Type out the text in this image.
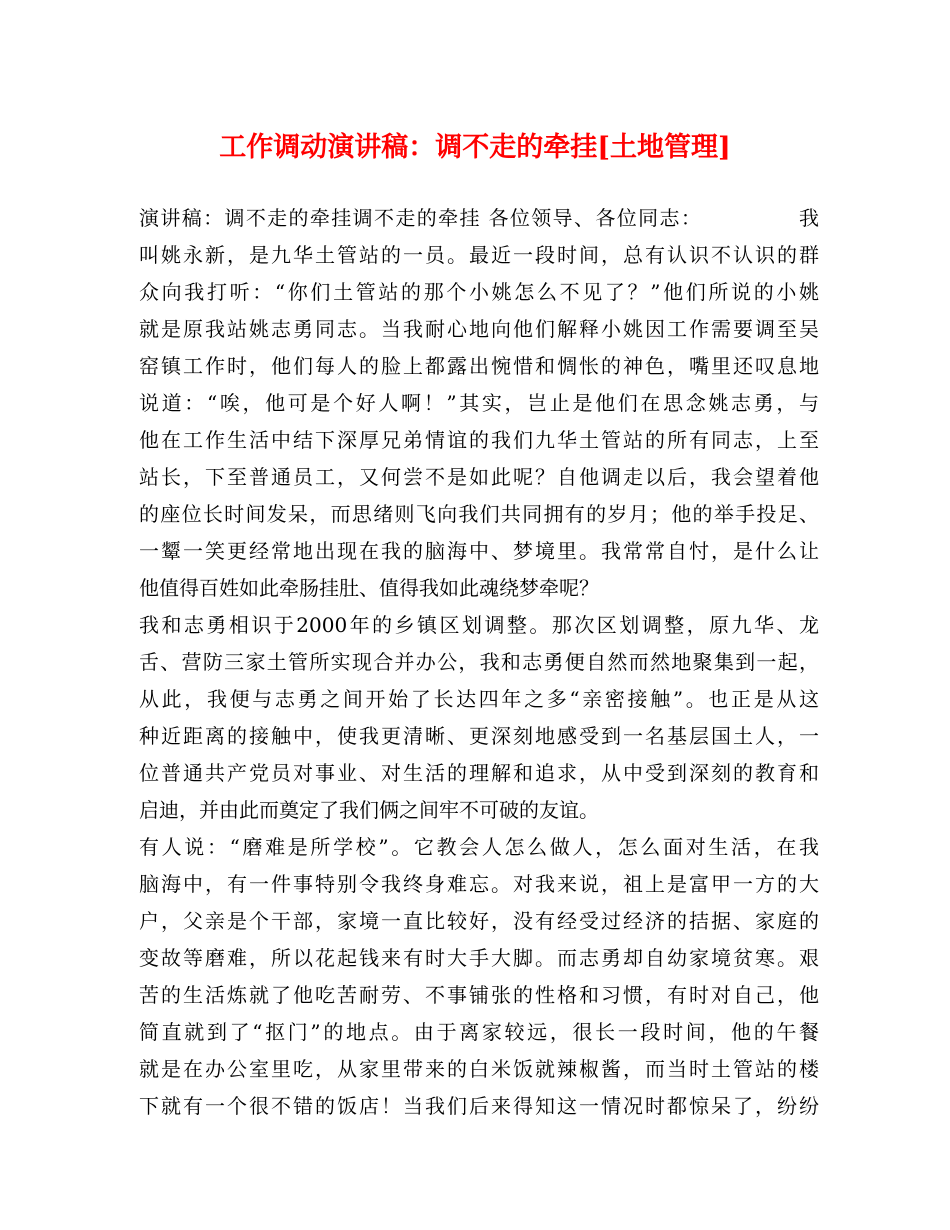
工作调动演讲稿：调不走的牵挂[土地管理]
演讲稿：调不走的牵挂调不走的牵挂 各位领导、各位同志：　　　　　我
叫姚永新，是九华土管站的一员。最近一段时间，总有认识不认识的群
众向我打听：“你们土管站的那个小姚怎么不见了？”他们所说的小姚
就是原我站姚志勇同志。当我耐心地向他们解释小姚因工作需要调至吴
窑镇工作时，他们每人的脸上都露出惋惜和惆怅的神色，嘴里还叹息地
说道：“唉，他可是个好人啊！”其实，岂止是他们在思念姚志勇，与
他在工作生活中结下深厚兄弟情谊的我们九华土管站的所有同志，上至
站长，下至普通员工，又何尝不是如此呢？自他调走以后，我会望着他
的座位长时间发呆，而思绪则飞向我们共同拥有的岁月；他的举手投足、
一颦一笑更经常地出现在我的脑海中、梦境里。我常常自忖，是什么让
他值得百姓如此牵肠挂肚、值得我如此魂绕梦牵呢？
我和志勇相识于2000年的乡镇区划调整。那次区划调整，原九华、龙
舌、营防三家土管所实现合并办公，我和志勇便自然而然地聚集到一起，
从此，我便与志勇之间开始了长达四年之多“亲密接触”。也正是从这
种近距离的接触中，使我更清晰、更深刻地感受到一名基层国土人，一
位普通共产党员对事业、对生活的理解和追求，从中受到深刻的教育和
启迪，并由此而奠定了我们俩之间牢不可破的友谊。
有人说：“磨难是所学校”。它教会人怎么做人，怎么面对生活，在我
脑海中，有一件事特别令我终身难忘。对我来说，祖上是富甲一方的大
户，父亲是个干部，家境一直比较好，没有经受过经济的拮据、家庭的
变故等磨难，所以花起钱来有时大手大脚。而志勇却自幼家境贫寒。艰
苦的生活炼就了他吃苦耐劳、不事铺张的性格和习惯，有时对自己，他
简直就到了“抠门”的地点。由于离家较远，很长一段时间，他的午餐
就是在办公室里吃，从家里带来的白米饭就辣椒酱，而当时土管站的楼
下就有一个很不错的饭店！当我们后来得知这一情况时都惊呆了，纷纷
